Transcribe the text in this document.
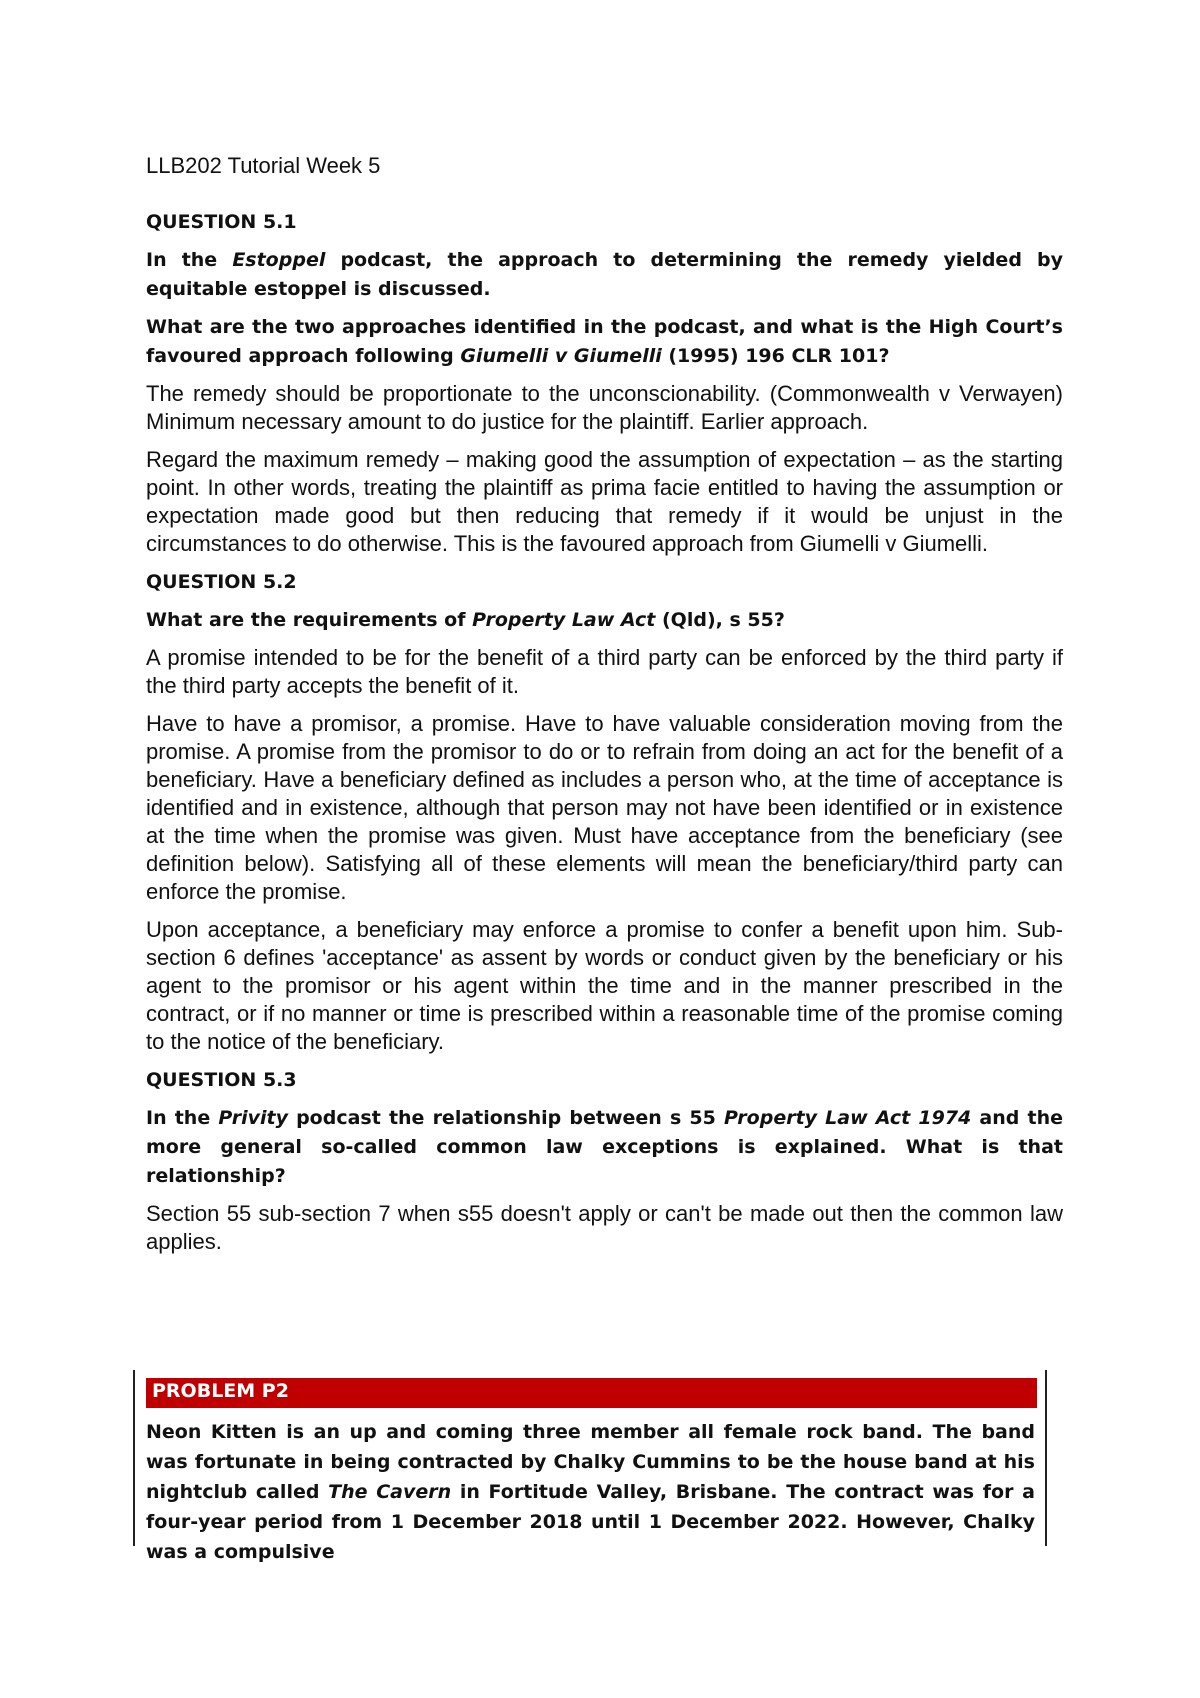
LLB202 Tutorial Week 5
QUESTION 5.1

In the Estoppel podcast, the approach to determining the remedy yielded by equitable estoppel is discussed.

What are the two approaches identified in the podcast, and what is the High Court’s favoured approach following Giumelli v Giumelli (1995) 196 CLR 101?

The remedy should be proportionate to the unconscionability. (Commonwealth v Verwayen) Minimum necessary amount to do justice for the plaintiff. Earlier approach.

Regard the maximum remedy – making good the assumption of expectation – as the starting point. In other words, treating the plaintiff as prima facie entitled to having the assumption or expectation made good but then reducing that remedy if it would be unjust in the circumstances to do otherwise. This is the favoured approach from Giumelli v Giumelli.

QUESTION 5.2

What are the requirements of Property Law Act (Qld), s 55?

A promise intended to be for the benefit of a third party can be enforced by the third party if the third party accepts the benefit of it.

Have to have a promisor, a promise. Have to have valuable consideration moving from the promise. A promise from the promisor to do or to refrain from doing an act for the benefit of a beneficiary. Have a beneficiary defined as includes a person who, at the time of acceptance is identified and in existence, although that person may not have been identified or in existence at the time when the promise was given. Must have acceptance from the beneficiary (see definition below). Satisfying all of these elements will mean the beneficiary/third party can enforce the promise.

Upon acceptance, a beneficiary may enforce a promise to confer a benefit upon him. Sub-section 6 defines 'acceptance' as assent by words or conduct given by the beneficiary or his agent to the promisor or his agent within the time and in the manner prescribed in the contract, or if no manner or time is prescribed within a reasonable time of the promise coming to the notice of the beneficiary.

QUESTION 5.3

In the Privity podcast the relationship between s 55 Property Law Act 1974 and the more general so-called common law exceptions is explained. What is that relationship?

Section 55 sub-section 7 when s55 doesn't apply or can't be made out then the common law applies.

PROBLEM P2

Neon Kitten is an up and coming three member all female rock band. The band was fortunate in being contracted by Chalky Cummins to be the house band at his nightclub called The Cavern in Fortitude Valley, Brisbane. The contract was for a four-year period from 1 December 2018 until 1 December 2022. However, Chalky was a compulsive
